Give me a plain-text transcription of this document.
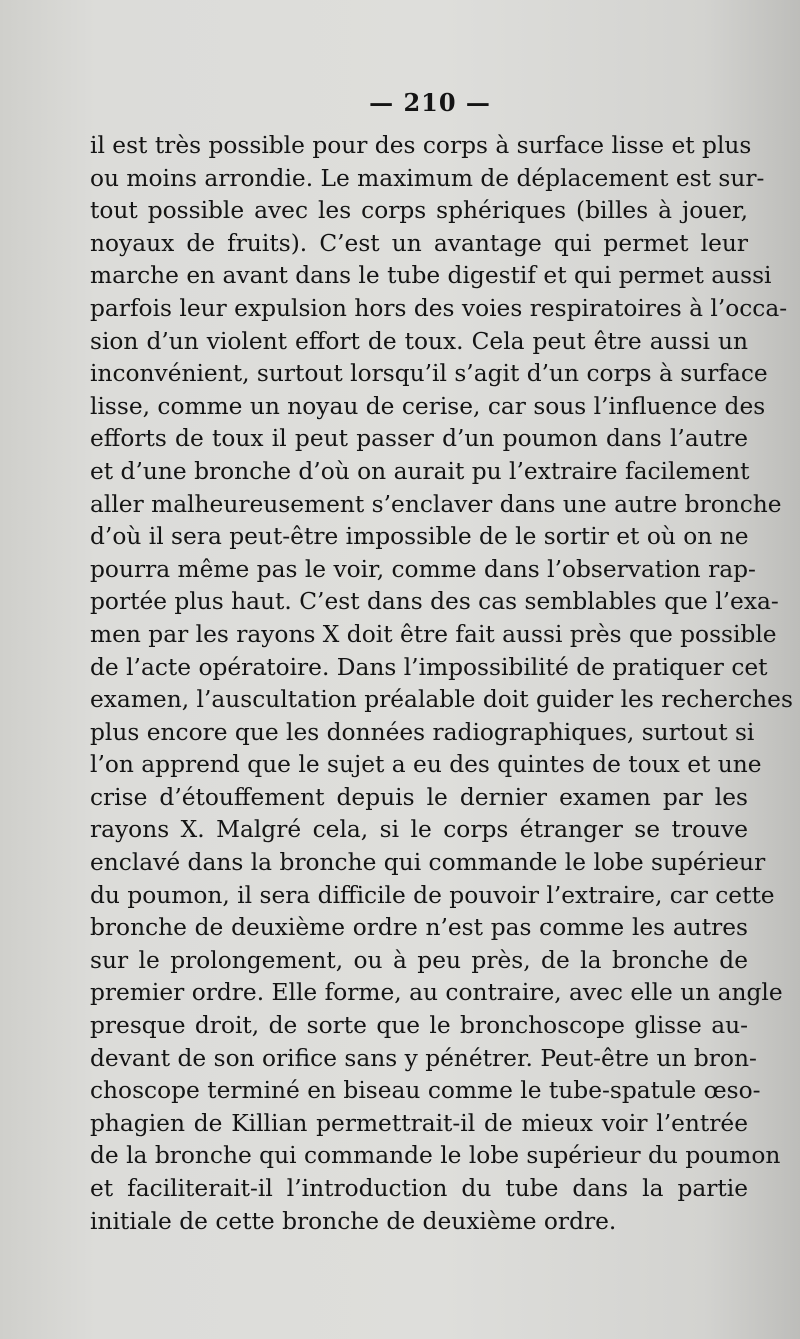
— 210 —
il est très possible pour des corps à surface lisse et plus
ou moins arrondie. Le maximum de déplacement est sur-
tout possible avec les corps sphériques (billes à jouer,
noyaux de fruits). C’est un avantage qui permet leur
marche en avant dans le tube digestif et qui permet aussi
parfois leur expulsion hors des voies respiratoires à l’occa-
sion d’un violent effort de toux. Cela peut être aussi un
inconvénient, surtout lorsqu’il s’agit d’un corps à surface
lisse, comme un noyau de cerise, car sous l’influence des
efforts de toux il peut passer d’un poumon dans l’autre
et d’une bronche d’où on aurait pu l’extraire facilement
aller malheureusement s’enclaver dans une autre bronche
d’où il sera peut-être impossible de le sortir et où on ne
pourra même pas le voir, comme dans l’observation rap-
portée plus haut. C’est dans des cas semblables que l’exa-
men par les rayons X doit être fait aussi près que possible
de l’acte opératoire. Dans l’impossibilité de pratiquer cet
examen, l’auscultation préalable doit guider les recherches
plus encore que les données radiographiques, surtout si
l’on apprend que le sujet a eu des quintes de toux et une
crise d’étouffement depuis le dernier examen par les
rayons X. Malgré cela, si le corps étranger se trouve
enclavé dans la bronche qui commande le lobe supérieur
du poumon, il sera difficile de pouvoir l’extraire, car cette
bronche de deuxième ordre n’est pas comme les autres
sur le prolongement, ou à peu près, de la bronche de
premier ordre. Elle forme, au contraire, avec elle un angle
presque droit, de sorte que le bronchoscope glisse au-
devant de son orifice sans y pénétrer. Peut-être un bron-
choscope terminé en biseau comme le tube-spatule œso-
phagien de Killian permettrait-il de mieux voir l’entrée
de la bronche qui commande le lobe supérieur du poumon
et faciliterait-il l’introduction du tube dans la partie
initiale de cette bronche de deuxième ordre.
